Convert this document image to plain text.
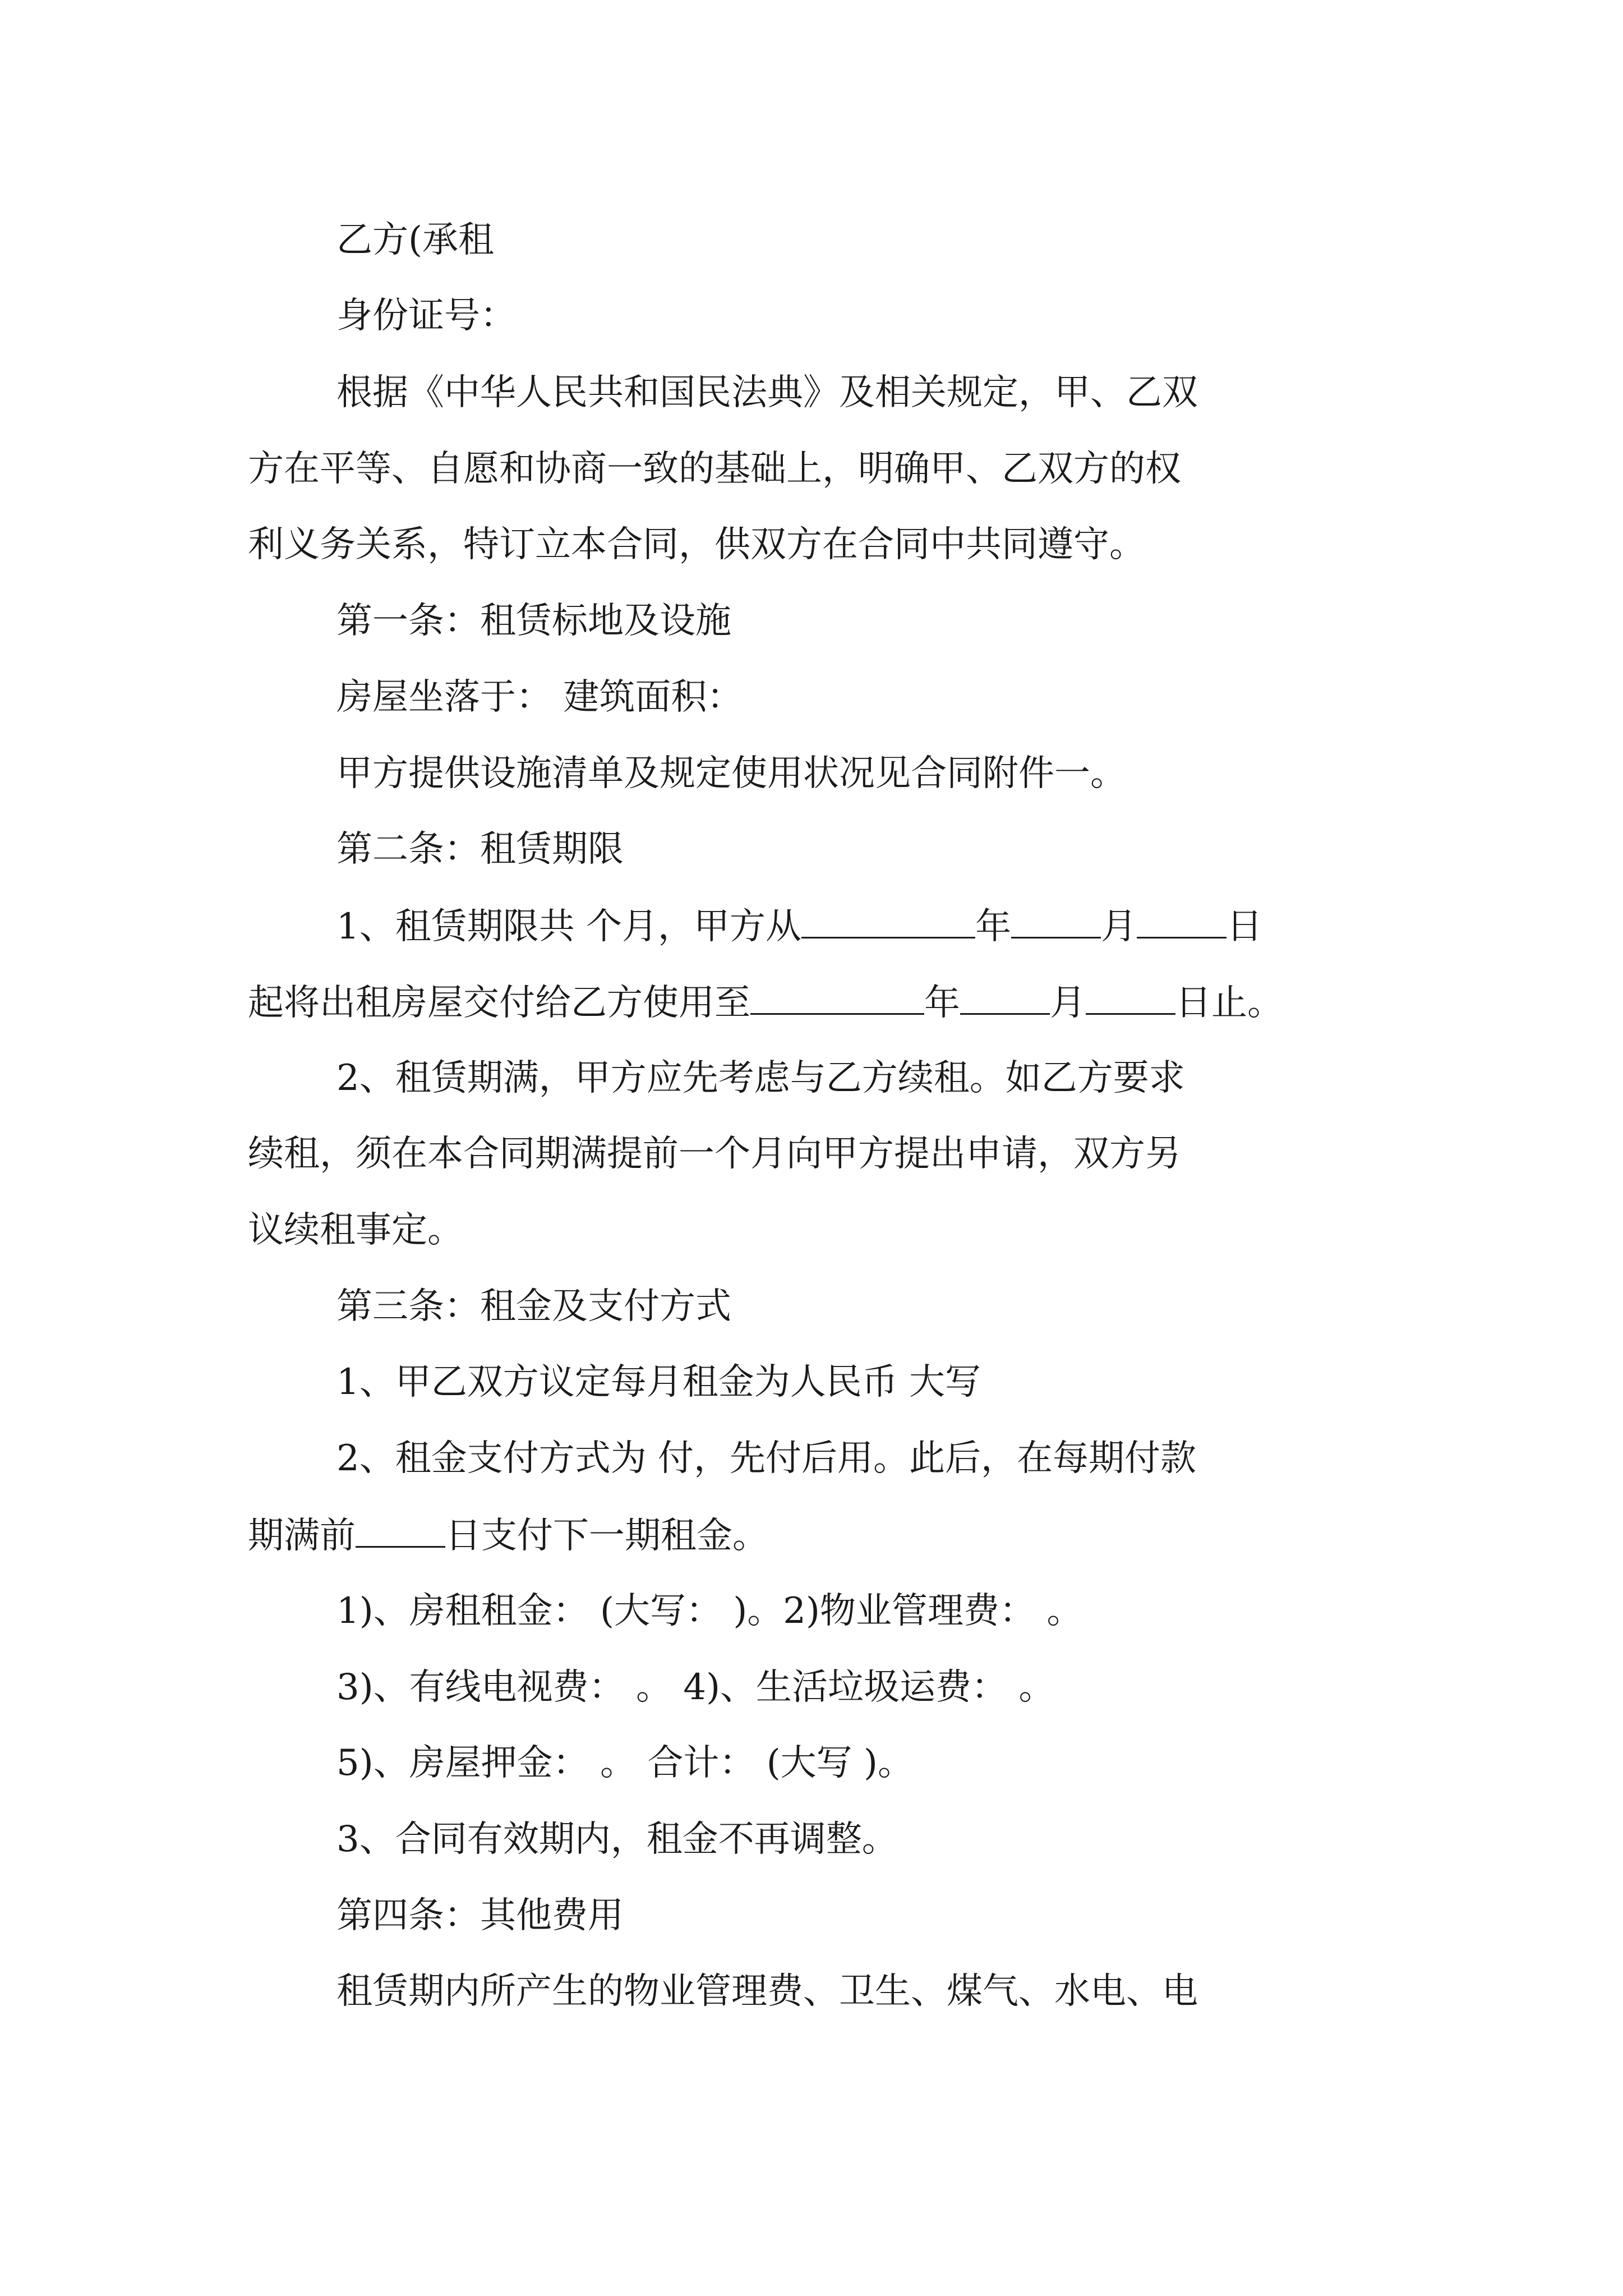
乙方(承租
身份证号：
根据《中华人民共和国民法典》及相关规定，甲、乙双
方在平等、自愿和协商一致的基础上，明确甲、乙双方的权
利义务关系，特订立本合同，供双方在合同中共同遵守。
第一条：租赁标地及设施
房屋坐落于： 建筑面积：
甲方提供设施清单及规定使用状况见合同附件一。
第二条：租赁期限
1、租赁期限共 个月，甲方从	年	月	日
起将出租房屋交付给乙方使用至	年	月	日止。
2、租赁期满，甲方应先考虑与乙方续租。如乙方要求
续租，须在本合同期满提前一个月向甲方提出申请，双方另
议续租事定。
第三条：租金及支付方式
1、甲乙双方议定每月租金为人民币 大写
2、租金支付方式为 付，先付后用。此后，在每期付款
期满前	日支付下一期租金。
1)、房租租金： (大写： )。2)物业管理费： 。
3)、有线电视费： 。 4)、生活垃圾运费： 。
5)、房屋押金： 。 合计： (大写 )。
3、合同有效期内，租金不再调整。
第四条：其他费用
租赁期内所产生的物业管理费、卫生、煤气、水电、电
